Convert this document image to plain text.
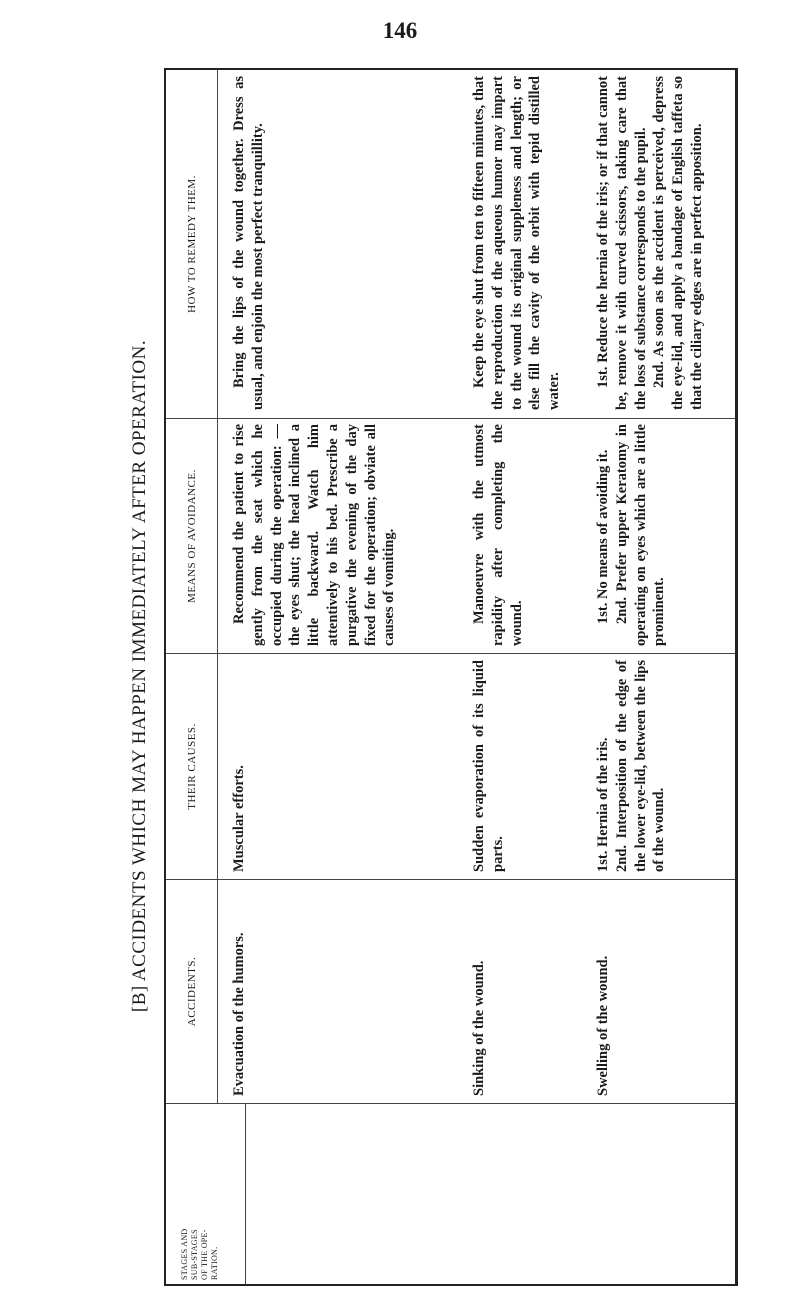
146
[B] ACCIDENTS WHICH MAY HAPPEN IMMEDIATELY AFTER OPERATION.
STAGES AND SUB-STAGES OF THE OPE- RATION.
ACCIDENTS.
THEIR CAUSES.
MEANS OF AVOIDANCE.
HOW TO REMEDY THEM.
Evacuation of the humors.

Muscular efforts.

Recommend the patient to rise gently from the seat which he occupied during the operation: — the eyes shut; the head inclined a little backward. Watch him attentively to his bed. Prescribe a purgative the evening of the day fixed for the operation; obviate all causes of vomiting.

Bring the lips of the wound together. Dress as usual, and enjoin the most perfect tranquillity.

Sinking of the wound.

Sudden evaporation of its liquid parts.

Manoeuvre with the utmost rapidity after completing the wound.

Keep the eye shut from ten to fifteen minutes, that the reproduction of the aqueous humor may impart to the wound its original suppleness and length; or else fill the cavity of the orbit with tepid distilled water.

Swelling of the wound.

1st. Hernia of the iris. 2nd. Interposition of the edge of the lower eye-lid, between the lips of the wound.

1st. No means of avoiding it. 2nd. Prefer upper Keratomy in operating on eyes which are a little prominent.

1st. Reduce the hernia of the iris; or if that cannot be, remove it with curved scissors, taking care that the loss of substance corresponds to the pupil. 2nd. As soon as the accident is perceived, depress the eye-lid, and apply a bandage of English taffeta so that the ciliary edges are in perfect apposition.
